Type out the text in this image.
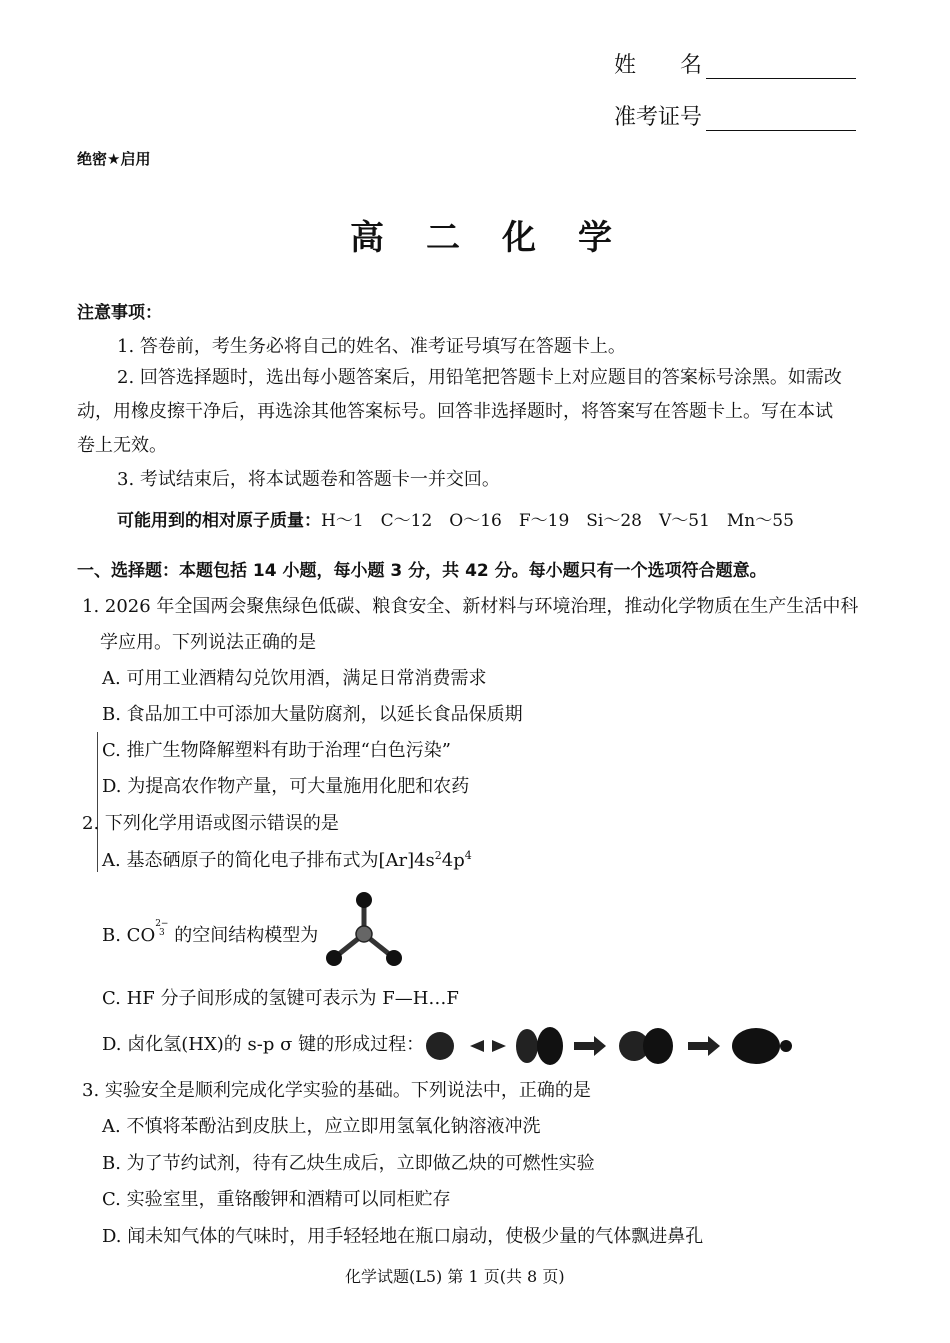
姓　　名
准考证号
绝密★启用
高二化学
注意事项：
1. 答卷前，考生务必将自己的姓名、准考证号填写在答题卡上。
2. 回答选择题时，选出每小题答案后，用铅笔把答题卡上对应题目的答案标号涂黑。如需改
动，用橡皮擦干净后，再选涂其他答案标号。回答非选择题时，将答案写在答题卡上。写在本试
卷上无效。
3. 考试结束后，将本试题卷和答题卡一并交回。
可能用到的相对原子质量：H～1　C～12　O～16　F～19　Si～28　V～51　Mn～55
一、选择题：本题包括 14 小题，每小题 3 分，共 42 分。每小题只有一个选项符合题意。
1. 2026 年全国两会聚焦绿色低碳、粮食安全、新材料与环境治理，推动化学物质在生产生活中科
学应用。下列说法正确的是
A. 可用工业酒精勾兑饮用酒，满足日常消费需求
B. 食品加工中可添加大量防腐剂，以延长食品保质期
C. 推广生物降解塑料有助于治理“白色污染”
D. 为提高农作物产量，可大量施用化肥和农药
2. 下列化学用语或图示错误的是
A. 基态硒原子的简化电子排布式为$[Ar]4s^24p^4$
B. CO2−
3 的空间结构模型为
C. HF 分子间形成的氢键可表示为 F—H…F
D. 卤化氢(HX)的 s-p σ 键的形成过程：
3. 实验安全是顺利完成化学实验的基础。下列说法中，正确的是
A. 不慎将苯酚沾到皮肤上，应立即用氢氧化钠溶液冲洗
B. 为了节约试剂，待有乙炔生成后，立即做乙炔的可燃性实验
C. 实验室里，重铬酸钾和酒精可以同柜贮存
D. 闻未知气体的气味时，用手轻轻地在瓶口扇动，使极少量的气体飘进鼻孔
化学试题(L5) 第 1 页(共 8 页)
